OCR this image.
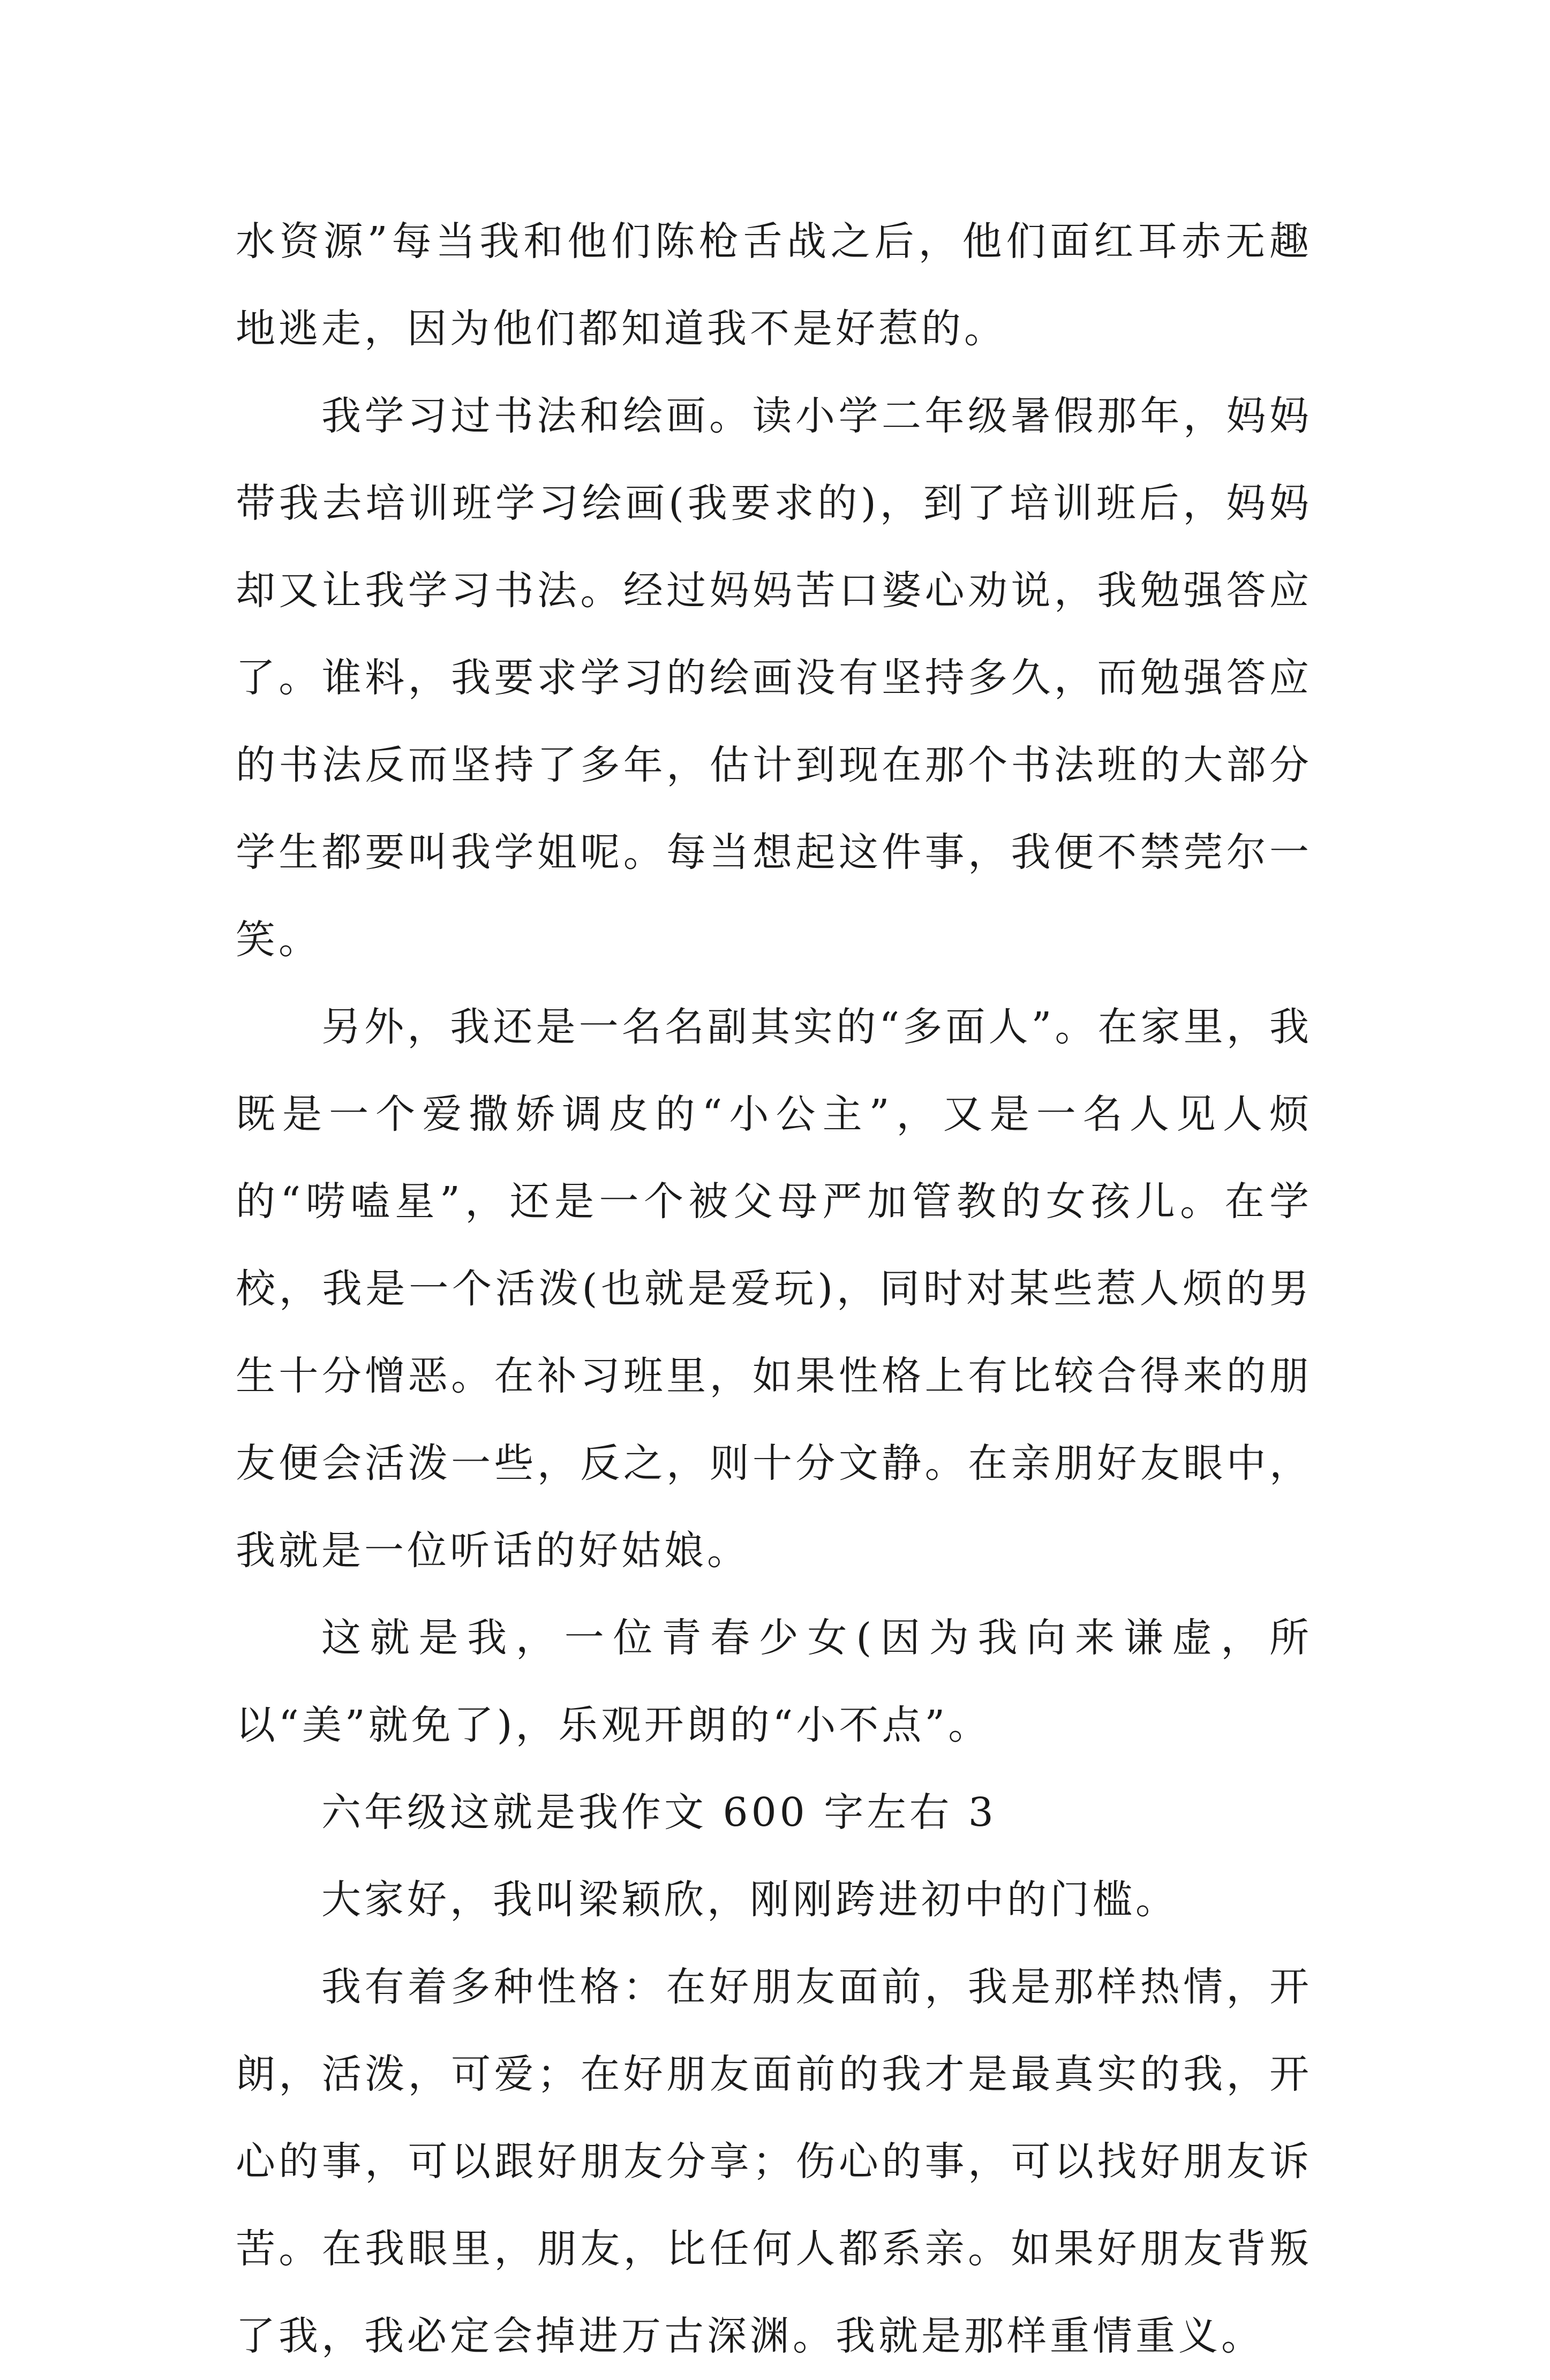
水资源”每当我和他们陈枪舌战之后，他们面红耳赤无趣地逃走，因为他们都知道我不是好惹的。

我学习过书法和绘画。读小学二年级暑假那年，妈妈带我去培训班学习绘画(我要求的)，到了培训班后，妈妈却又让我学习书法。经过妈妈苦口婆心劝说，我勉强答应了。谁料，我要求学习的绘画没有坚持多久，而勉强答应的书法反而坚持了多年，估计到现在那个书法班的大部分学生都要叫我学姐呢。每当想起这件事，我便不禁莞尔一笑。

另外，我还是一名名副其实的“多面人”。在家里，我既是一个爱撒娇调皮的“小公主”，又是一名人见人烦的“唠嗑星”，还是一个被父母严加管教的女孩儿。在学校，我是一个活泼(也就是爱玩)，同时对某些惹人烦的男生十分憎恶。在补习班里，如果性格上有比较合得来的朋友便会活泼一些，反之，则十分文静。在亲朋好友眼中，我就是一位听话的好姑娘。

这就是我，一位青春少女(因为我向来谦虚，所以“美”就免了)，乐观开朗的“小不点”。

六年级这就是我作文 600 字左右 3

大家好，我叫梁颖欣，刚刚跨进初中的门槛。

我有着多种性格：在好朋友面前，我是那样热情，开朗，活泼，可爱；在好朋友面前的我才是最真实的我，开心的事，可以跟好朋友分享；伤心的事，可以找好朋友诉苦。在我眼里，朋友，比任何人都系亲。如果好朋友背叛了我，我必定会掉进万古深渊。我就是那样重情重义。
